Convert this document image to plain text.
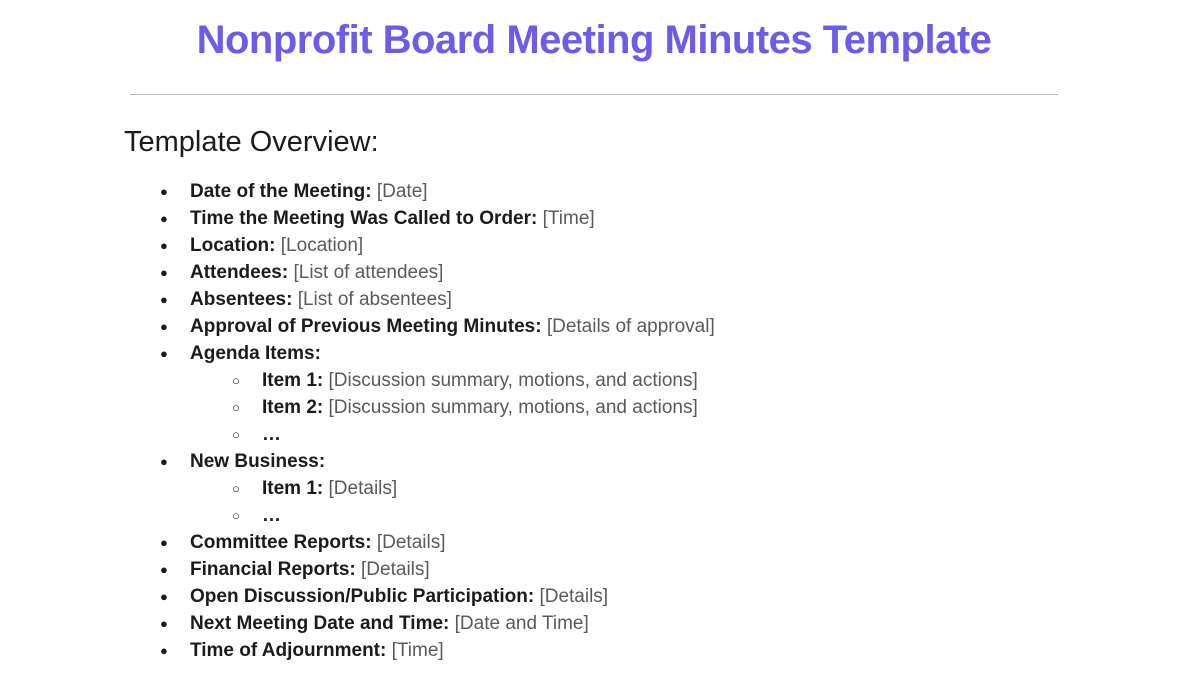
Nonprofit Board Meeting Minutes Template
Template Overview:
● Date of the Meeting: [Date]
● Time the Meeting Was Called to Order: [Time]
● Location: [Location]
● Attendees: [List of attendees]
● Absentees: [List of absentees]
● Approval of Previous Meeting Minutes: [Details of approval]
● Agenda Items:
○ Item 1: [Discussion summary, motions, and actions]
○ Item 2: [Discussion summary, motions, and actions]
○ …
● New Business:
○ Item 1: [Details]
○ …
● Committee Reports: [Details]
● Financial Reports: [Details]
● Open Discussion/Public Participation: [Details]
● Next Meeting Date and Time: [Date and Time]
● Time of Adjournment: [Time]
